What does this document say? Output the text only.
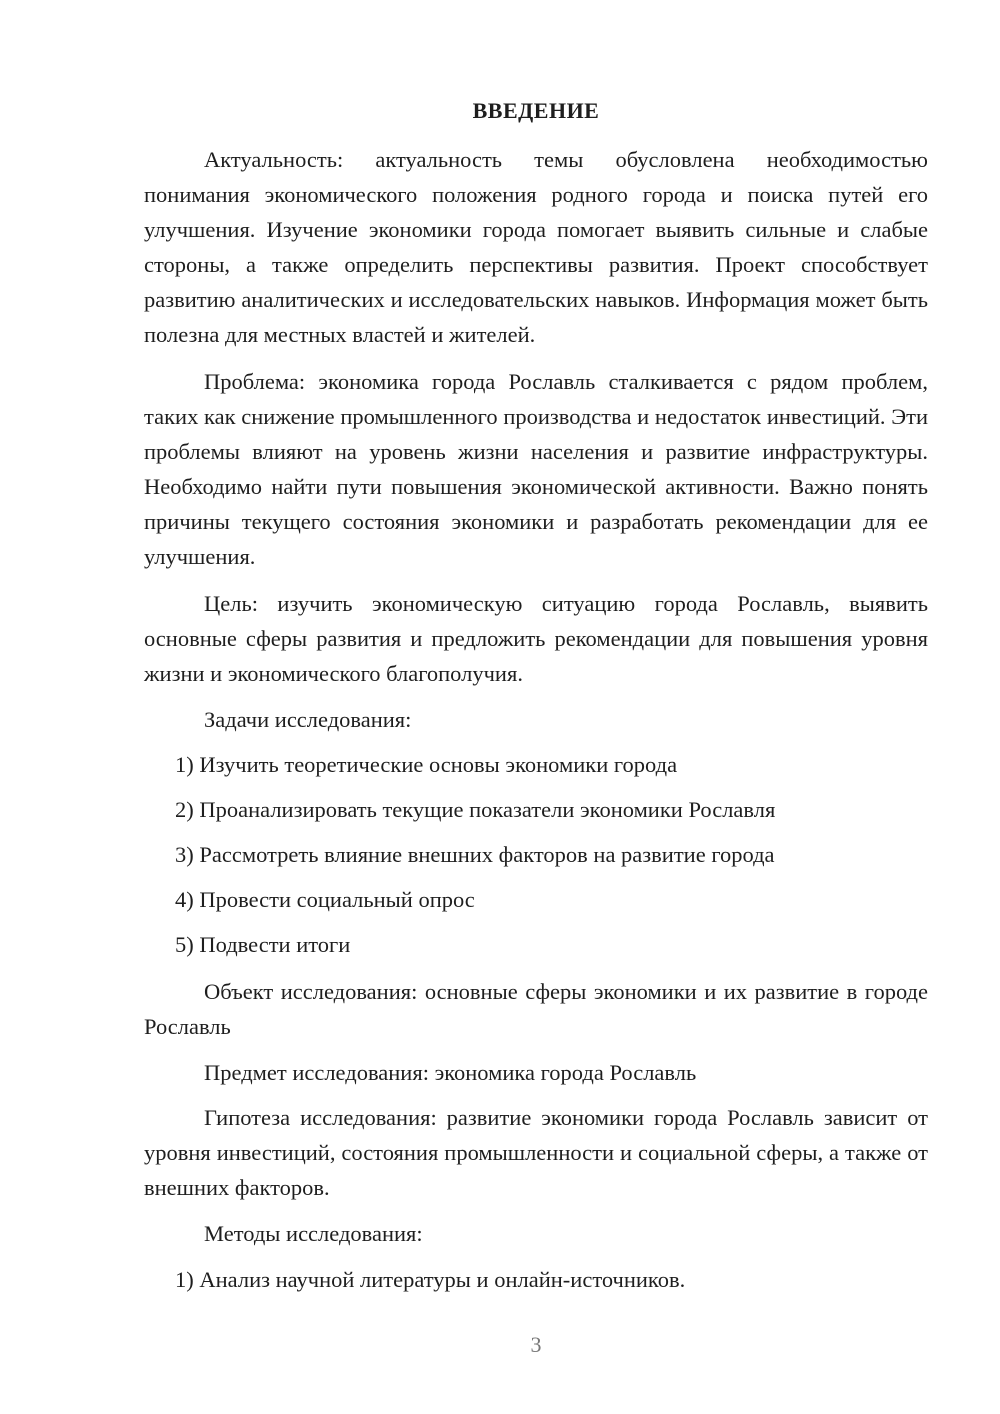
ВВЕДЕНИЕ

Актуальность: актуальность темы обусловлена необходимостью понимания экономического положения родного города и поиска путей его улучшения. Изучение экономики города помогает выявить сильные и слабые стороны, а также определить перспективы развития. Проект способствует развитию аналитических и исследовательских навыков. Информация может быть полезна для местных властей и жителей.

Проблема: экономика города Рославль сталкивается с рядом проблем, таких как снижение промышленного производства и недостаток инвестиций. Эти проблемы влияют на уровень жизни населения и развитие инфраструктуры. Необходимо найти пути повышения экономической активности. Важно понять причины текущего состояния экономики и разработать рекомендации для ее улучшения.

Цель: изучить экономическую ситуацию города Рославль, выявить основные сферы развития и предложить рекомендации для повышения уровня жизни и экономического благополучия.

Задачи исследования:

1) Изучить теоретические основы экономики города

2) Проанализировать текущие показатели экономики Рославля

3) Рассмотреть влияние внешних факторов на развитие города

4) Провести социальный опрос

5) Подвести итоги

Объект исследования: основные сферы экономики и их развитие в городе Рославль

Предмет исследования: экономика города Рославль

Гипотеза исследования: развитие экономики города Рославль зависит от уровня инвестиций, состояния промышленности и социальной сферы, а также от внешних факторов.

Методы исследования:

1) Анализ научной литературы и онлайн-источников.

3
